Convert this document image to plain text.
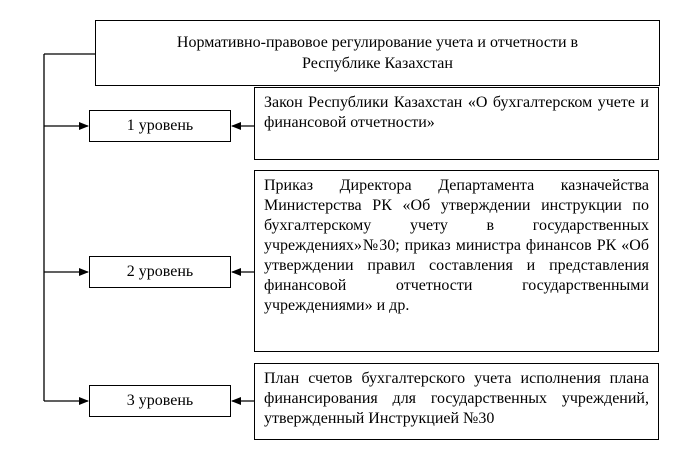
Нормативно-правовое регулирование учета и отчетности в Республике Казахстан
1 уровень
Закон Республики Казахстан «О бухгалтерском учете и финансовой отчетности»
2 уровень
Приказ Директора Департамента казначейства Министерства РК «Об утверждении инструкции по бухгалтерскому учету в государственных учреждениях»№30; приказ министра финансов РК «Об утверждении правил составления и представления финансовой отчетности государственными учреждениями» и др.
3 уровень
План счетов бухгалтерского учета исполнения плана финансирования для государственных учреждений, утвержденный Инструкцией №30
